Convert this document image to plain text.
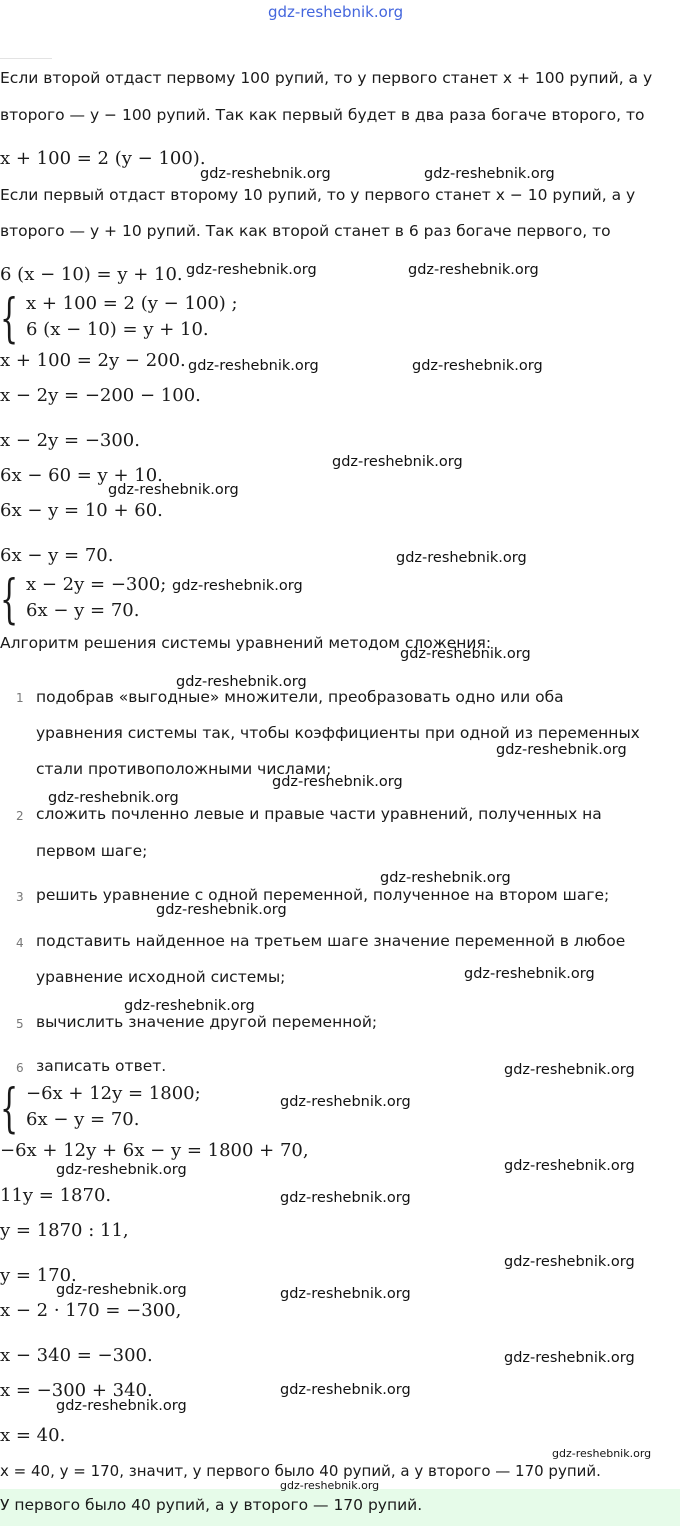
gdz-reshebnik.org
Если второй отдаст первому 100 рупий, то у первого станет x + 100 рупий, а у
второго — y − 100 рупий. Так как первый будет в два раза богаче второго, то
x + 100 = 2 (y − 100).
Если первый отдаст второму 10 рупий, то у первого станет x − 10 рупий, а у
второго — y + 10 рупий. Так как второй станет в 6 раз богаче первого, то
6 (x − 10) = y + 10.
{ x + 100 = 2 (y − 100) ;
6 (x − 10) = y + 10.
x + 100 = 2y − 200.
x − 2y = −200 − 100.
x − 2y = −300.
6x − 60 = y + 10.
6x − y = 10 + 60.
6x − y = 70.
{ x − 2y = −300;
6x − y = 70.
Алгоритм решения системы уравнений методом сложения:
1 подобрав «выгодные» множители, преобразовать одно или оба
уравнения системы так, чтобы коэффициенты при одной из переменных
стали противоположными числами;
2 сложить почленно левые и правые части уравнений, полученных на
первом шаге;
3 решить уравнение с одной переменной, полученное на втором шаге;
4 подставить найденное на третьем шаге значение переменной в любое
уравнение исходной системы;
5 вычислить значение другой переменной;
6 записать ответ.
{ −6x + 12y = 1800;
6x − y = 70.
−6x + 12y + 6x − y = 1800 + 70,
11y = 1870.
y = 1870 : 11,
y = 170.
x − 2 · 170 = −300,
x − 340 = −300.
x = −300 + 340.
x = 40.
x = 40, y = 170, значит, у первого было 40 рупий, а у второго — 170 рупий.
У первого было 40 рупий, а у второго — 170 рупий.
gdz-reshebnik.org	gdz-reshebnik.org
gdz-reshebnik.org	gdz-reshebnik.org
gdz-reshebnik.org	gdz-reshebnik.org
gdz-reshebnik.org
gdz-reshebnik.org
gdz-reshebnik.org
gdz-reshebnik.org
gdz-reshebnik.org
gdz-reshebnik.org
gdz-reshebnik.org
gdz-reshebnik.org
gdz-reshebnik.org
gdz-reshebnik.org
gdz-reshebnik.org
gdz-reshebnik.org
gdz-reshebnik.org
gdz-reshebnik.org
gdz-reshebnik.org
gdz-reshebnik.org	gdz-reshebnik.org
gdz-reshebnik.org
gdz-reshebnik.org
gdz-reshebnik.org	gdz-reshebnik.org
gdz-reshebnik.org
gdz-reshebnik.org
gdz-reshebnik.org
gdz-reshebnik.org
gdz-reshebnik.org
